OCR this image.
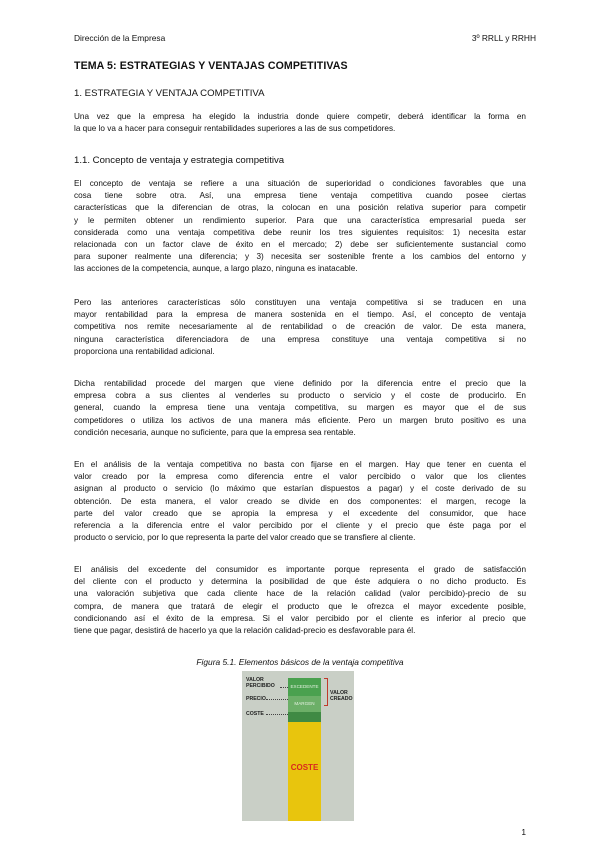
Dirección de la Empresa	3º RRLL y RRHH
TEMA 5: ESTRATEGIAS Y VENTAJAS COMPETITIVAS
1. ESTRATEGIA Y VENTAJA COMPETITIVA

Una vez que la empresa ha elegido la industria donde quiere competir, deberá identificar la forma en

la que lo va a hacer para conseguir rentabilidades superiores a las de sus competidores.

1.1. Concepto de ventaja y estrategia competitiva

El concepto de ventaja se refiere a una situación de superioridad o condiciones favorables que una

cosa tiene sobre otra. Así, una empresa tiene ventaja competitiva cuando posee ciertas

características que la diferencian de otras, la colocan en una posición relativa superior para competir

y le permiten obtener un rendimiento superior. Para que una característica empresarial pueda ser

considerada como una ventaja competitiva debe reunir los tres siguientes requisitos: 1) necesita estar

relacionada con un factor clave de éxito en el mercado; 2) debe ser suficientemente sustancial como

para suponer realmente una diferencia; y 3) necesita ser sostenible frente a los cambios del entorno y

las acciones de la competencia, aunque, a largo plazo, ninguna es inatacable.

Pero las anteriores características sólo constituyen una ventaja competitiva si se traducen en una

mayor rentabilidad para la empresa de manera sostenida en el tiempo. Así, el concepto de ventaja

competitiva nos remite necesariamente al de rentabilidad o de creación de valor. De esta manera,

ninguna característica diferenciadora de una empresa constituye una ventaja competitiva si no

proporciona una rentabilidad adicional.

Dicha rentabilidad procede del margen que viene definido por la diferencia entre el precio que la

empresa cobra a sus clientes al venderles su producto o servicio y el coste de producirlo. En

general, cuando la empresa tiene una ventaja competitiva, su margen es mayor que el de sus

competidores o utiliza los activos de una manera más eficiente. Pero un margen bruto positivo es una

condición necesaria, aunque no suficiente, para que la empresa sea rentable.

En el análisis de la ventaja competitiva no basta con fijarse en el margen. Hay que tener en cuenta el

valor creado por la empresa como diferencia entre el valor percibido o valor que los clientes

asignan al producto o servicio (lo máximo que estarían dispuestos a pagar) y el coste derivado de su

obtención. De esta manera, el valor creado se divide en dos componentes: el margen, recoge la

parte del valor creado que se apropia la empresa y el excedente del consumidor, que hace

referencia a la diferencia entre el valor percibido por el cliente y el precio que éste paga por el

producto o servicio, por lo que representa la parte del valor creado que se transfiere al cliente.

El análisis del excedente del consumidor es importante porque representa el grado de satisfacción

del cliente con el producto y determina la posibilidad de que éste adquiera o no dicho producto. Es

una valoración subjetiva que cada cliente hace de la relación calidad (valor percibido)-precio de su

compra, de manera que tratará de elegir el producto que le ofrezca el mayor excedente posible,

condicionando así el éxito de la empresa. Si el valor percibido por el cliente es inferior al precio que

tiene que pagar, desistirá de hacerlo ya que la relación calidad-precio es desfavorable para él.

Figura 5.1. Elementos básicos de la ventaja competitiva
EXCEDENTE
MARGEN
VALOR PERCIBIDO
PRECIO
COSTE
VALOR CREADO
COSTE
1
